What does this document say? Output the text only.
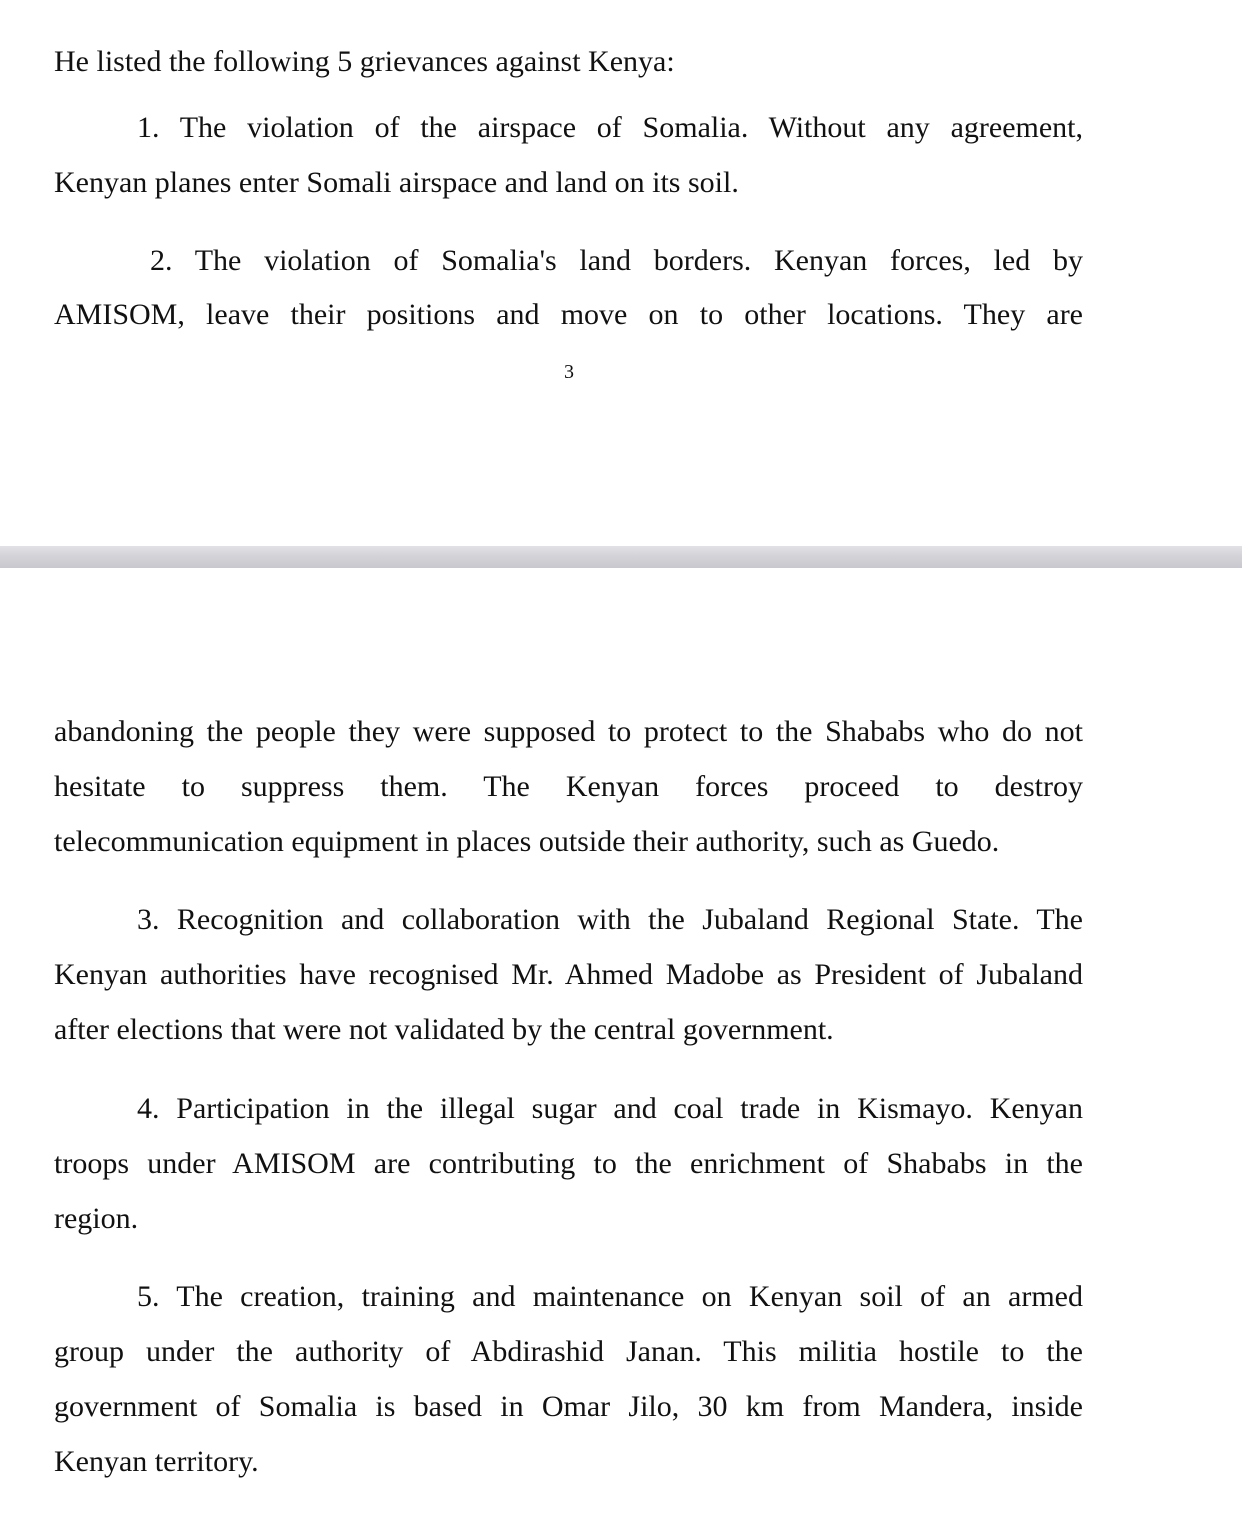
He listed the following 5 grievances against Kenya:
1. The violation of the airspace of Somalia. Without any agreement,
Kenyan planes enter Somali airspace and land on its soil.
2. The violation of Somalia's land borders. Kenyan forces, led by
AMISOM, leave their positions and move on to other locations. They are
3
abandoning the people they were supposed to protect to the Shababs who do not
hesitate to suppress them. The Kenyan forces proceed to destroy
telecommunication equipment in places outside their authority, such as Guedo.
3. Recognition and collaboration with the Jubaland Regional State. The
Kenyan authorities have recognised Mr. Ahmed Madobe as President of Jubaland
after elections that were not validated by the central government.
4. Participation in the illegal sugar and coal trade in Kismayo. Kenyan
troops under AMISOM are contributing to the enrichment of Shababs in the
region.
5. The creation, training and maintenance on Kenyan soil of an armed
group under the authority of Abdirashid Janan. This militia hostile to the
government of Somalia is based in Omar Jilo, 30 km from Mandera, inside
Kenyan territory.
